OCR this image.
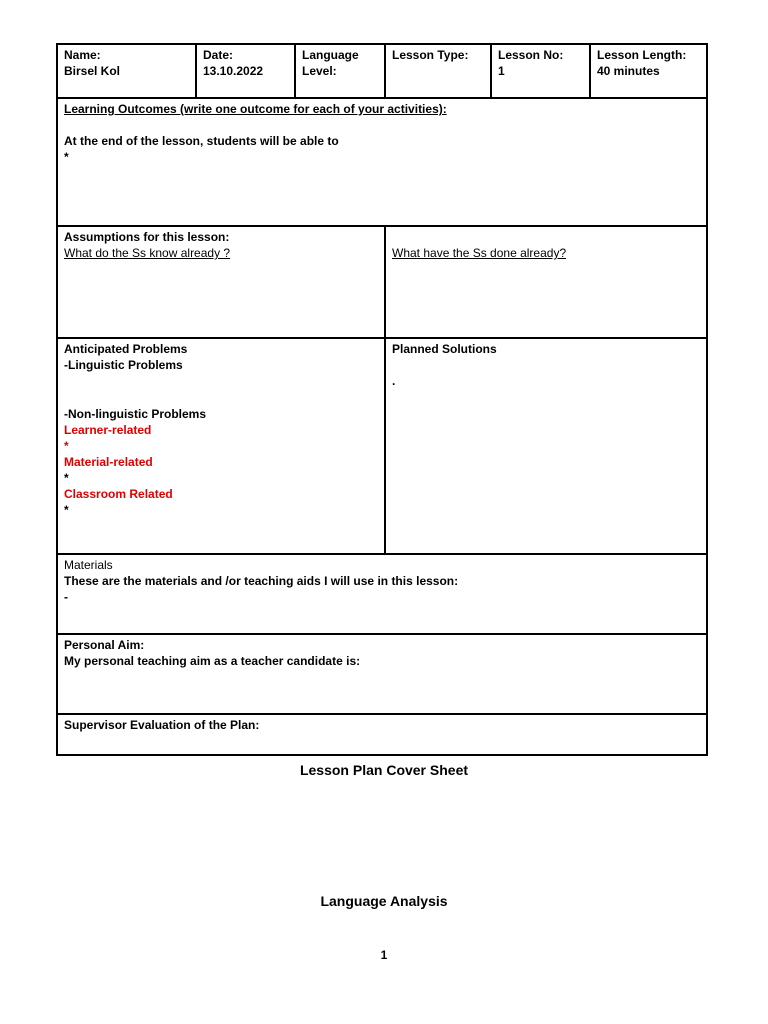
Name:
Birsel Kol
Date:
13.10.2022
Language
Level:
Lesson Type:	Lesson No:
1
Lesson Length:
40 minutes
Learning Outcomes (write one outcome for each of your activities):
At the end of the lesson, students will be able to
*
Assumptions for this lesson:
What do the Ss know already ?	What have the Ss done already?
Anticipated Problems
-Linguistic Problems
-Non-linguistic Problems
Learner-related
*
Material-related
*
Classroom Related
*
Planned Solutions
.
Materials
These are the materials and /or teaching aids I will use in this lesson:
-
Personal Aim:
My personal teaching aim as a teacher candidate is:
Supervisor Evaluation of the Plan:
Lesson Plan Cover Sheet
Language Analysis
1
